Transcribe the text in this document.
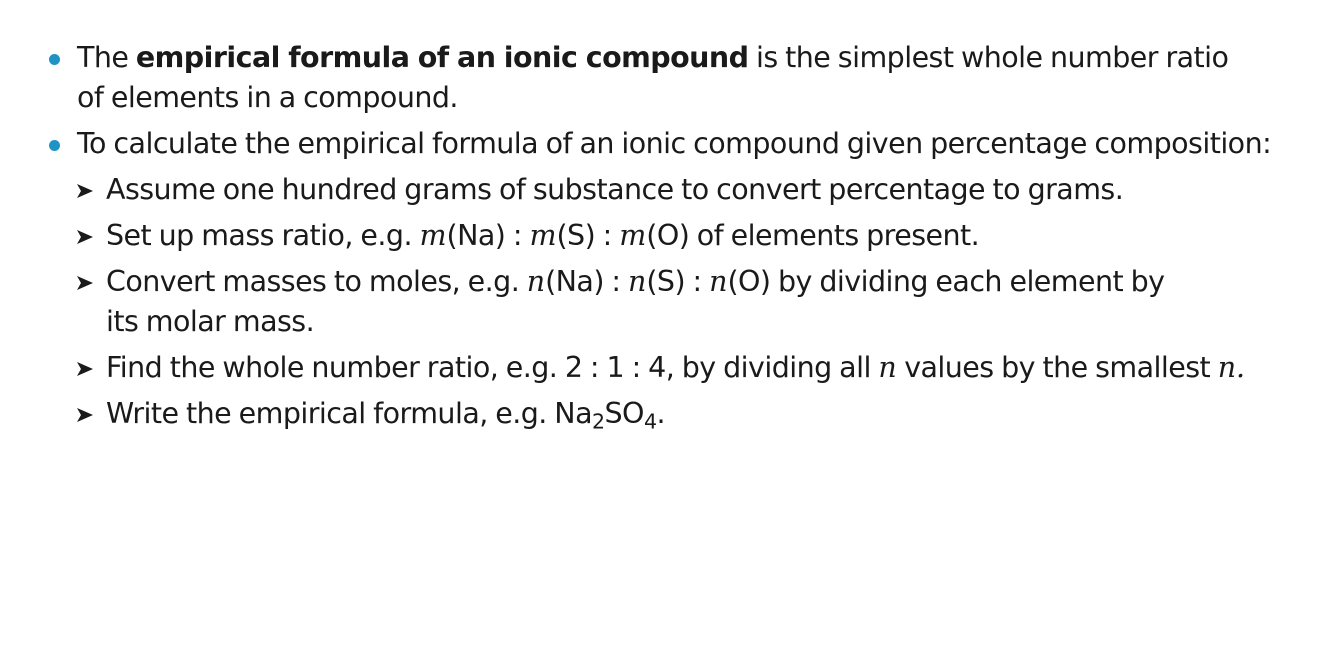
The empirical formula of an ionic compound is the simplest whole number ratio of elements in a compound.
To calculate the empirical formula of an ionic compound given percentage composition:
Assume one hundred grams of substance to convert percentage to grams.
Set up mass ratio, e.g. m(Na) : m(S) : m(O) of elements present.
Convert masses to moles, e.g. n(Na) : n(S) : n(O) by dividing each element by its molar mass.
Find the whole number ratio, e.g. 2 : 1 : 4, by dividing all n values by the smallest n.
Write the empirical formula, e.g. $Na_2SO_4$.
